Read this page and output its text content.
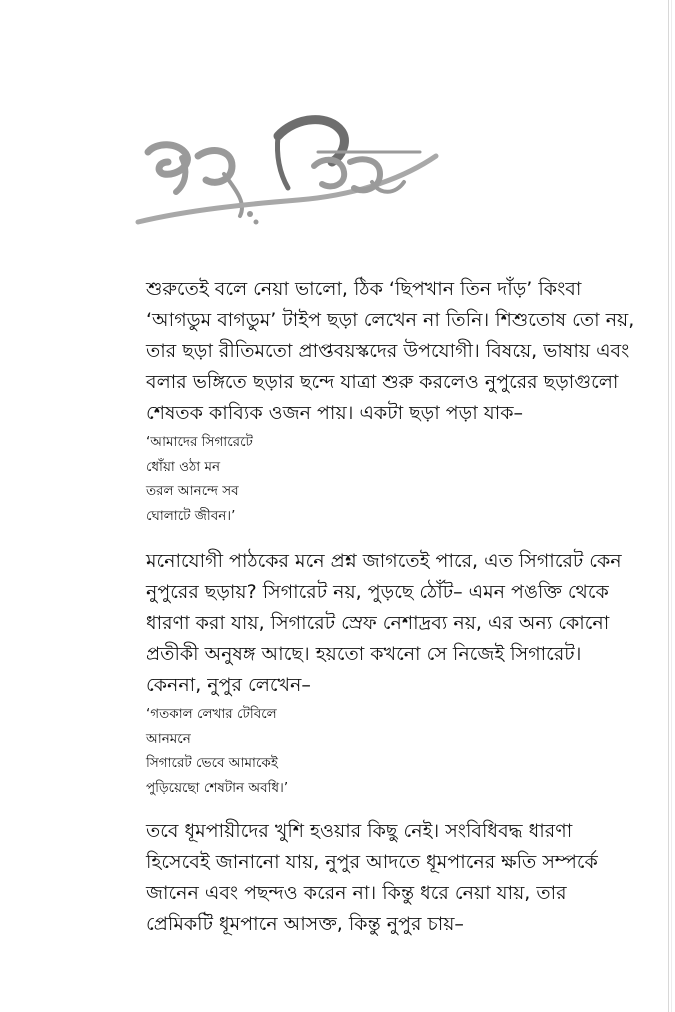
শুরুতেই বলে নেয়া ভালো, ঠিক ‘ছিপখান তিন দাঁড়’ কিংবা
‘আগডুম বাগডুম’ টাইপ ছড়া লেখেন না তিনি। শিশুতোষ তো নয়,
তার ছড়া রীতিমতো প্রাপ্তবয়স্কদের উপযোগী। বিষয়ে, ভাষায় এবং
বলার ভঙ্গিতে ছড়ার ছন্দে যাত্রা শুরু করলেও নুপুরের ছড়াগুলো
শেষতক কাব্যিক ওজন পায়। একটা ছড়া পড়া যাক–

‘আমাদের সিগারেটে
ধোঁয়া ওঠা মন
তরল আনন্দে সব
ঘোলাটে জীবন।’

মনোযোগী পাঠকের মনে প্রশ্ন জাগতেই পারে, এত সিগারেট কেন
নুপুরের ছড়ায়? সিগারেট নয়, পুড়ছে ঠোঁট– এমন পঙক্তি থেকে
ধারণা করা যায়, সিগারেট স্রেফ নেশাদ্রব্য নয়, এর অন্য কোনো
প্রতীকী অনুষঙ্গ আছে। হয়তো কখনো সে নিজেই সিগারেট।
কেননা, নুপুর লেখেন–

‘গতকাল লেখার টেবিলে
আনমনে
সিগারেট ভেবে আমাকেই
পুড়িয়েছো শেষটান অবধি।’

তবে ধূমপায়ীদের খুশি হওয়ার কিছু নেই। সংবিধিবদ্ধ ধারণা
হিসেবেই জানানো যায়, নুপুর আদতে ধূমপানের ক্ষতি সম্পর্কে
জানেন এবং পছন্দও করেন না। কিন্তু ধরে নেয়া যায়, তার
প্রেমিকটি ধূমপানে আসক্ত, কিন্তু নুপুর চায়–
